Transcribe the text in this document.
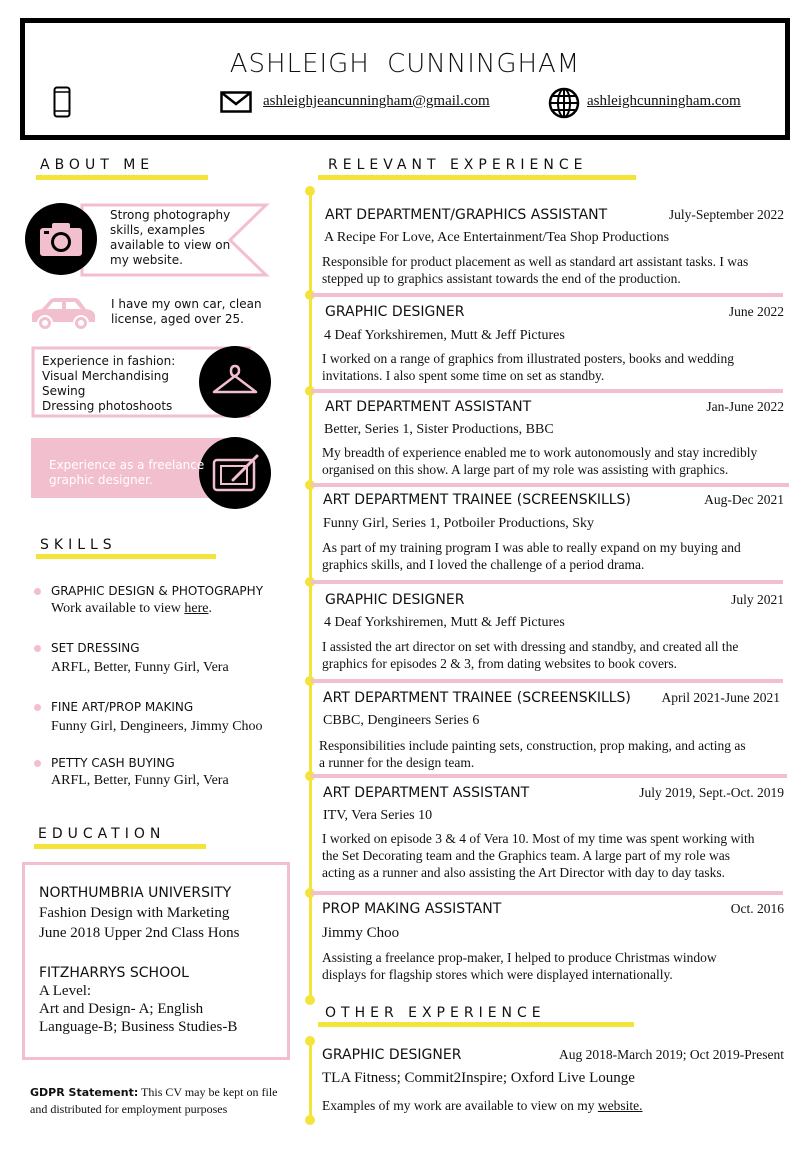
ASHLEIGH CUNNINGHAM
ashleighjeancunningham@gmail.com	ashleighcunningham.com
ABOUT ME
Strong photography
skills, examples
available to view on
my website.
I have my own car, clean
license, aged over 25.
Experience in fashion:
Visual Merchandising
Sewing
Dressing photoshoots
Experience as a freelance
graphic designer.
SKILLS
GRAPHIC DESIGN & PHOTOGRAPHY
Work available to view here.
SET DRESSING
ARFL, Better, Funny Girl, Vera
FINE ART/PROP MAKING
Funny Girl, Dengineers, Jimmy Choo
PETTY CASH BUYING
ARFL, Better, Funny Girl, Vera
EDUCATION
NORTHUMBRIA UNIVERSITY
Fashion Design with Marketing
June 2018 Upper 2nd Class Hons
FITZHARRYS SCHOOL
A Level:
Art and Design- A; English
Language-B; Business Studies-B
GDPR Statement: This CV may be kept on file
and distributed for employment purposes
RELEVANT EXPERIENCE
ART DEPARTMENT/GRAPHICS ASSISTANT	July-September 2022
A Recipe For Love, Ace Entertainment/Tea Shop Productions
Responsible for product placement as well as standard art assistant tasks. I was
stepped up to graphics assistant towards the end of the production.
GRAPHIC DESIGNER	June 2022
4 Deaf Yorkshiremen, Mutt & Jeff Pictures
I worked on a range of graphics from illustrated posters, books and wedding
invitations. I also spent some time on set as standby.
ART DEPARTMENT ASSISTANT	Jan-June 2022
Better, Series 1, Sister Productions, BBC
My breadth of experience enabled me to work autonomously and stay incredibly
organised on this show. A large part of my role was assisting with graphics.
ART DEPARTMENT TRAINEE (SCREENSKILLS)	Aug-Dec 2021
Funny Girl, Series 1, Potboiler Productions, Sky
As part of my training program I was able to really expand on my buying and
graphics skills, and I loved the challenge of a period drama.
GRAPHIC DESIGNER	July 2021
4 Deaf Yorkshiremen, Mutt & Jeff Pictures
I assisted the art director on set with dressing and standby, and created all the
graphics for episodes 2 & 3, from dating websites to book covers.
ART DEPARTMENT TRAINEE (SCREENSKILLS) April 2021-June 2021
CBBC, Dengineers Series 6
Responsibilities include painting sets, construction, prop making, and acting as
a runner for the design team.
ART DEPARTMENT ASSISTANT	July 2019, Sept.-Oct. 2019
ITV, Vera Series 10
I worked on episode 3 & 4 of Vera 10. Most of my time was spent working with
the Set Decorating team and the Graphics team. A large part of my role was
acting as a runner and also assisting the Art Director with day to day tasks.
PROP MAKING ASSISTANT	Oct. 2016
Jimmy Choo
Assisting a freelance prop-maker, I helped to produce Christmas window
displays for flagship stores which were displayed internationally.
OTHER EXPERIENCE
GRAPHIC DESIGNER	Aug 2018-March 2019; Oct 2019-Present
TLA Fitness; Commit2Inspire; Oxford Live Lounge
Examples of my work are available to view on my website.
